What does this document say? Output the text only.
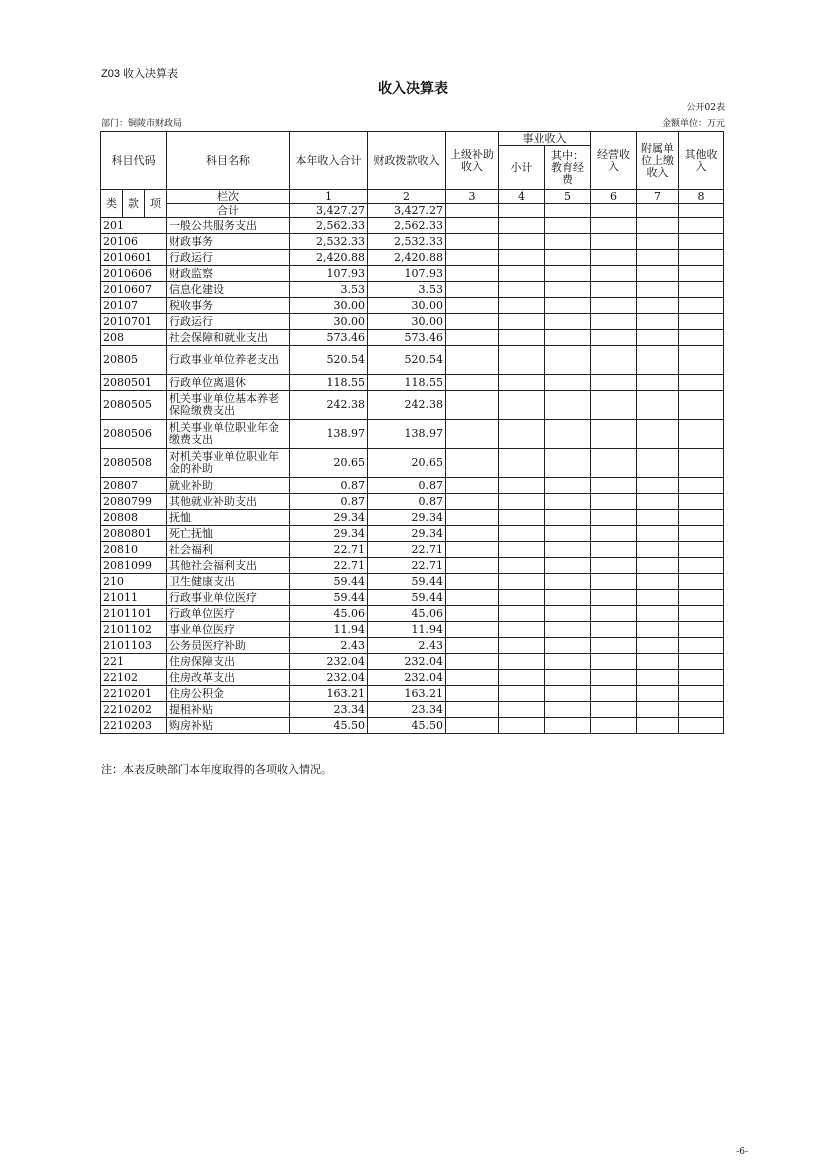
Z03 收入决算表
收入决算表
公开02表
部门：铜陵市财政局	金额单位：万元
科目代码			科目名称	本年收入合计	财政拨款收入	上级补助收入	事业收入		经营收入	附属单位上缴收入	其他收入
							小计	其中：教育经费			

类	款	项	栏次	1	2	3	4	5	6	7	8
			合计	3,427.27	3,427.27						
201			一般公共服务支出	2,562.33	2,562.33						
20106			财政事务	2,532.33	2,532.33						
2010601			行政运行	2,420.88	2,420.88						
2010606			财政监察	107.93	107.93						
2010607			信息化建设	3.53	3.53						
20107			税收事务	30.00	30.00						
2010701			行政运行	30.00	30.00						
208			社会保障和就业支出	573.46	573.46						
20805			行政事业单位养老支出	520.54	520.54						
2080501			行政单位离退休	118.55	118.55						
2080505			机关事业单位基本养老保险缴费支出	242.38	242.38						
2080506			机关事业单位职业年金缴费支出	138.97	138.97						
2080508			对机关事业单位职业年金的补助	20.65	20.65						
20807			就业补助	0.87	0.87						
2080799			其他就业补助支出	0.87	0.87						
20808			抚恤	29.34	29.34						
2080801			死亡抚恤	29.34	29.34						
20810			社会福利	22.71	22.71						
2081099			其他社会福利支出	22.71	22.71						
210			卫生健康支出	59.44	59.44						
21011			行政事业单位医疗	59.44	59.44						
2101101			行政单位医疗	45.06	45.06						
2101102			事业单位医疗	11.94	11.94						
2101103			公务员医疗补助	2.43	2.43						
221			住房保障支出	232.04	232.04						
22102			住房改革支出	232.04	232.04						
2210201			住房公积金	163.21	163.21						
2210202			提租补贴	23.34	23.34						
2210203			购房补贴	45.50	45.50						
注：本表反映部门本年度取得的各项收入情况。
-6-
